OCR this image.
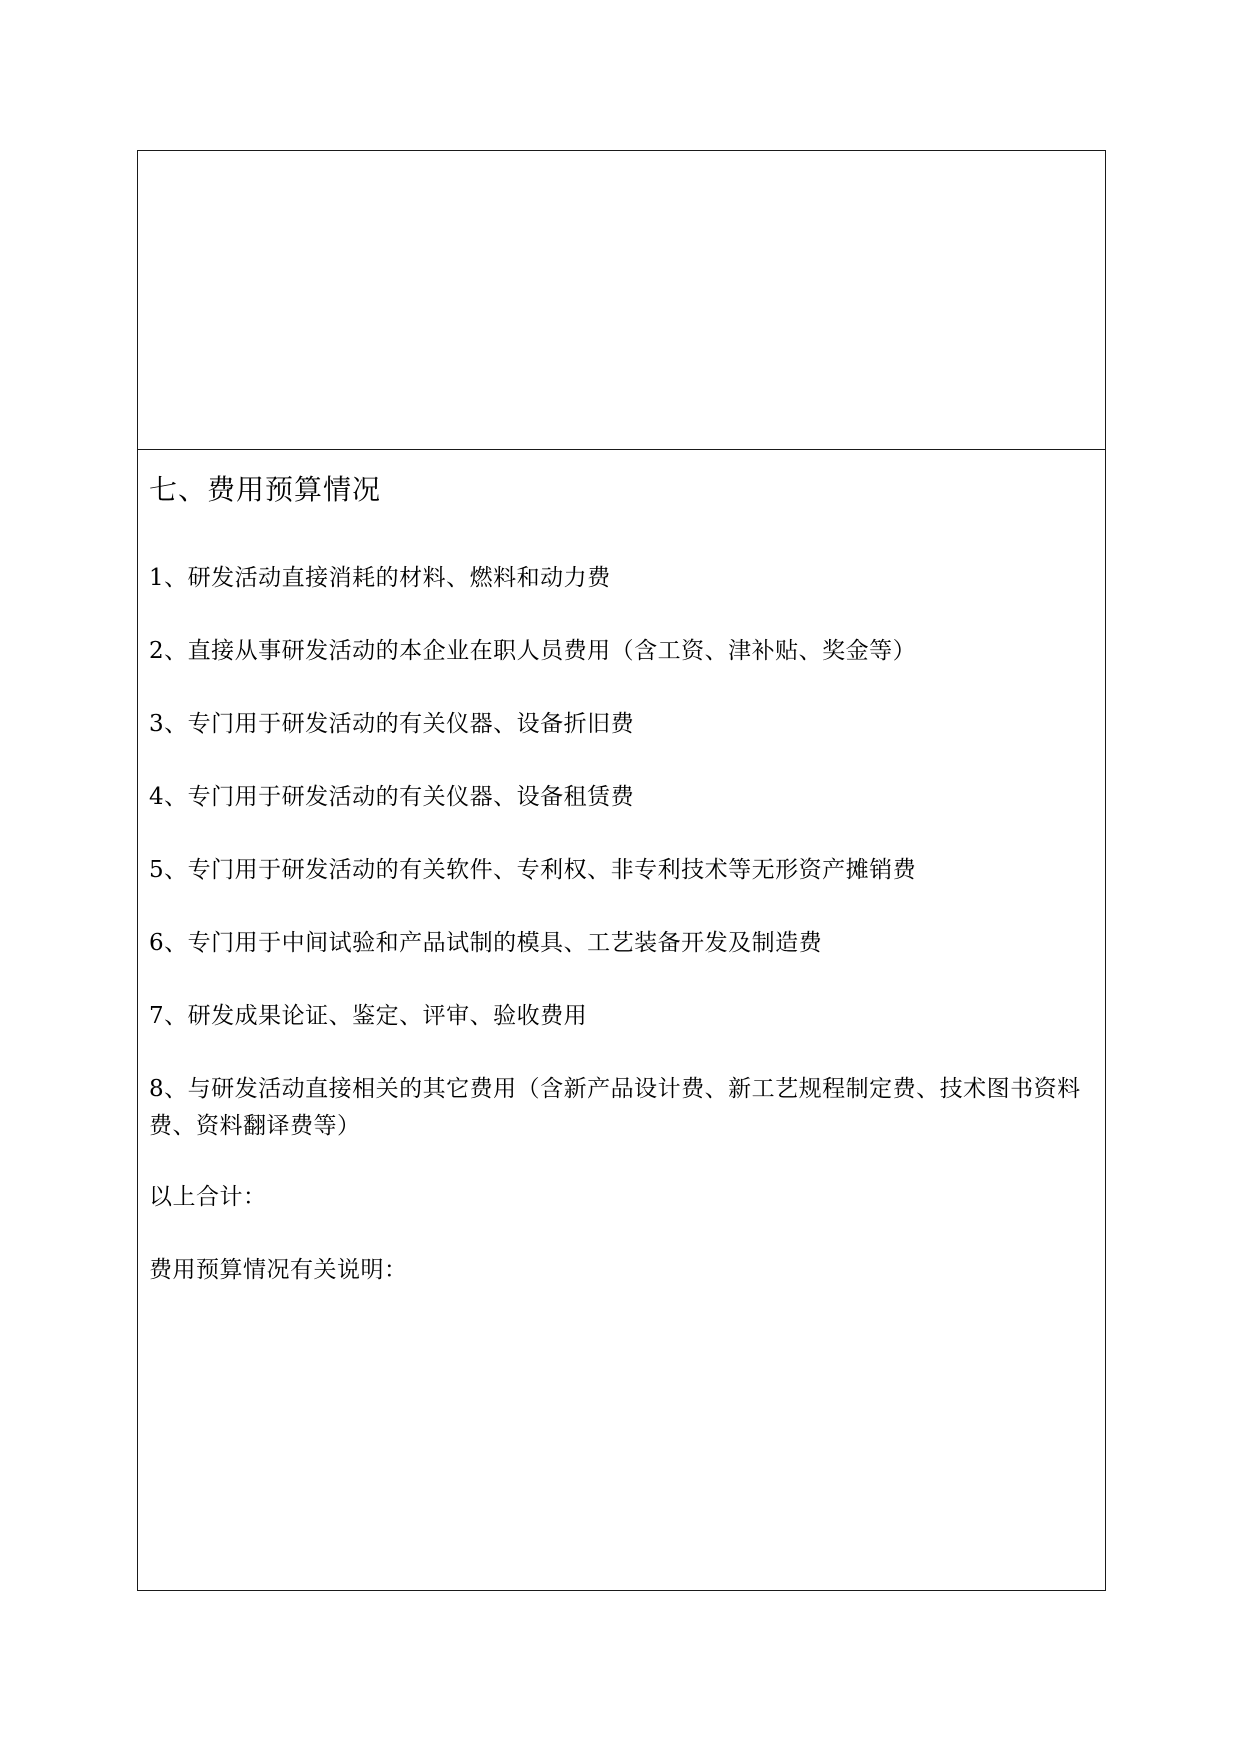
七、费用预算情况
1、研发活动直接消耗的材料、燃料和动力费
2、直接从事研发活动的本企业在职人员费用（含工资、津补贴、奖金等）
3、专门用于研发活动的有关仪器、设备折旧费
4、专门用于研发活动的有关仪器、设备租赁费
5、专门用于研发活动的有关软件、专利权、非专利技术等无形资产摊销费
6、专门用于中间试验和产品试制的模具、工艺装备开发及制造费
7、研发成果论证、鉴定、评审、验收费用
8、与研发活动直接相关的其它费用（含新产品设计费、新工艺规程制定费、技术图书资料费、资料翻译费等）
以上合计：
费用预算情况有关说明：
